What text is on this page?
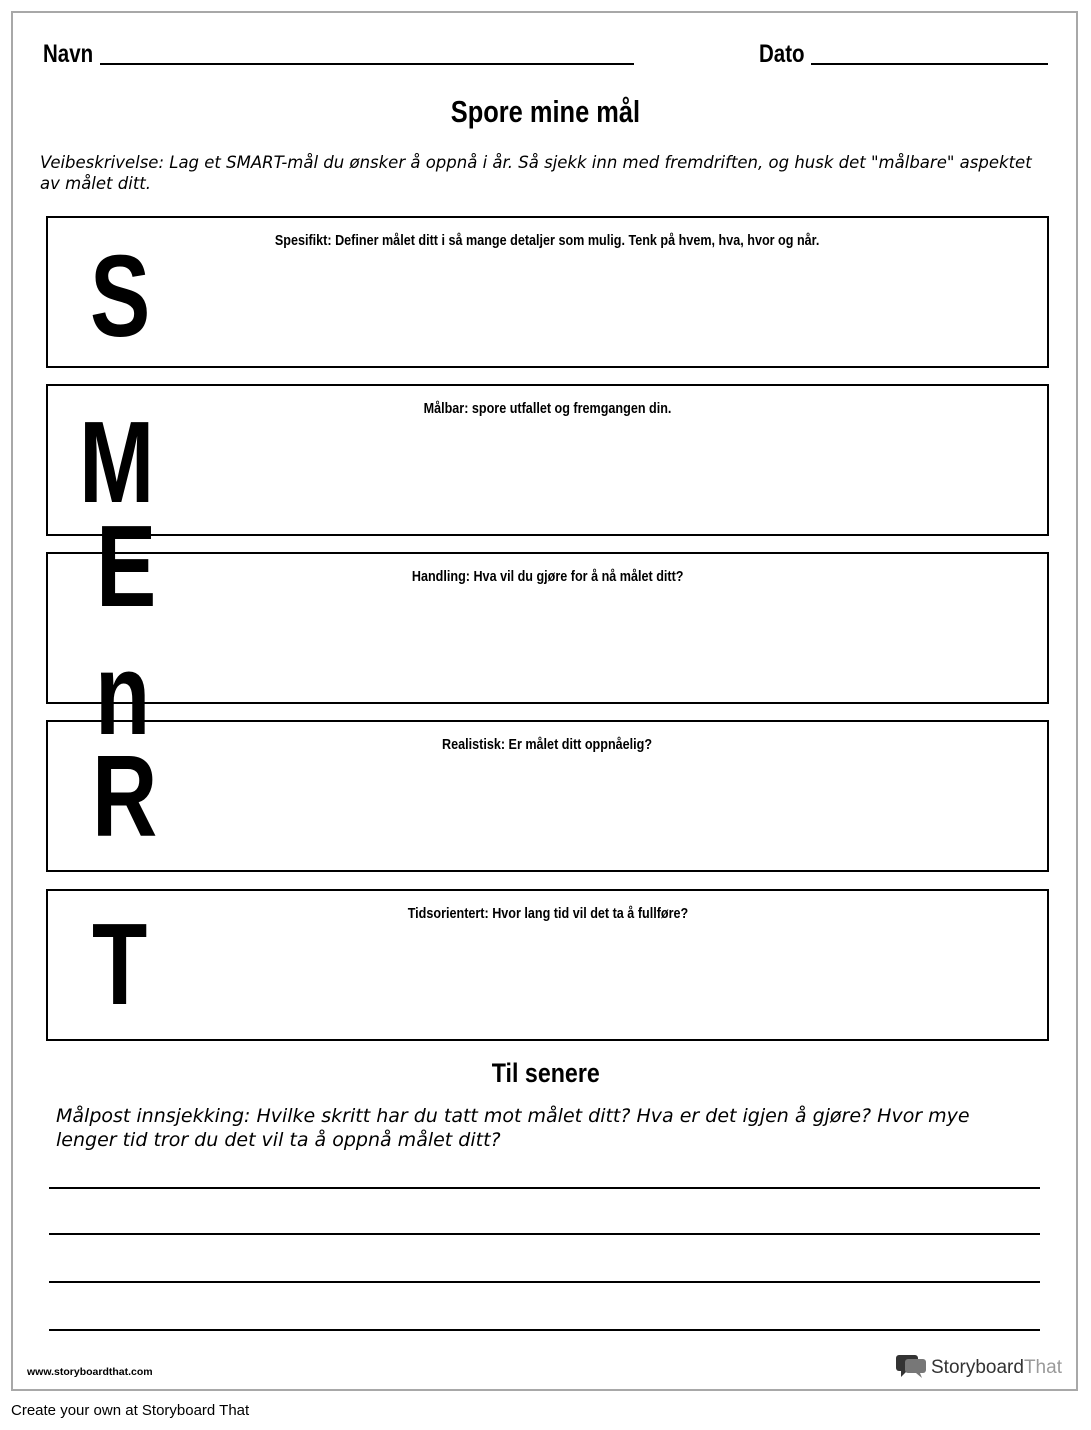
Navn	Dato
Spore mine mål
Veibeskrivelse: Lag et SMART-mål du ønsker å oppnå i år. Så sjekk inn med fremdriften, og husk det "målbare" aspektet av målet ditt.
Spesifikt: Definer målet ditt i så mange detaljer som mulig. Tenk på hvem, hva, hvor og når.
Målbar: spore utfallet og fremgangen din.
Handling: Hva vil du gjøre for å nå målet ditt?
Realistisk: Er målet ditt oppnåelig?
Tidsorientert: Hvor lang tid vil det ta å fullføre?
S
M
E
n
R
T
Til senere
Målpost innsjekking: Hvilke skritt har du tatt mot målet ditt? Hva er det igjen å gjøre? Hvor mye lenger tid tror du det vil ta å oppnå målet ditt?
www.storyboardthat.com	StoryboardThat
Create your own at Storyboard That
